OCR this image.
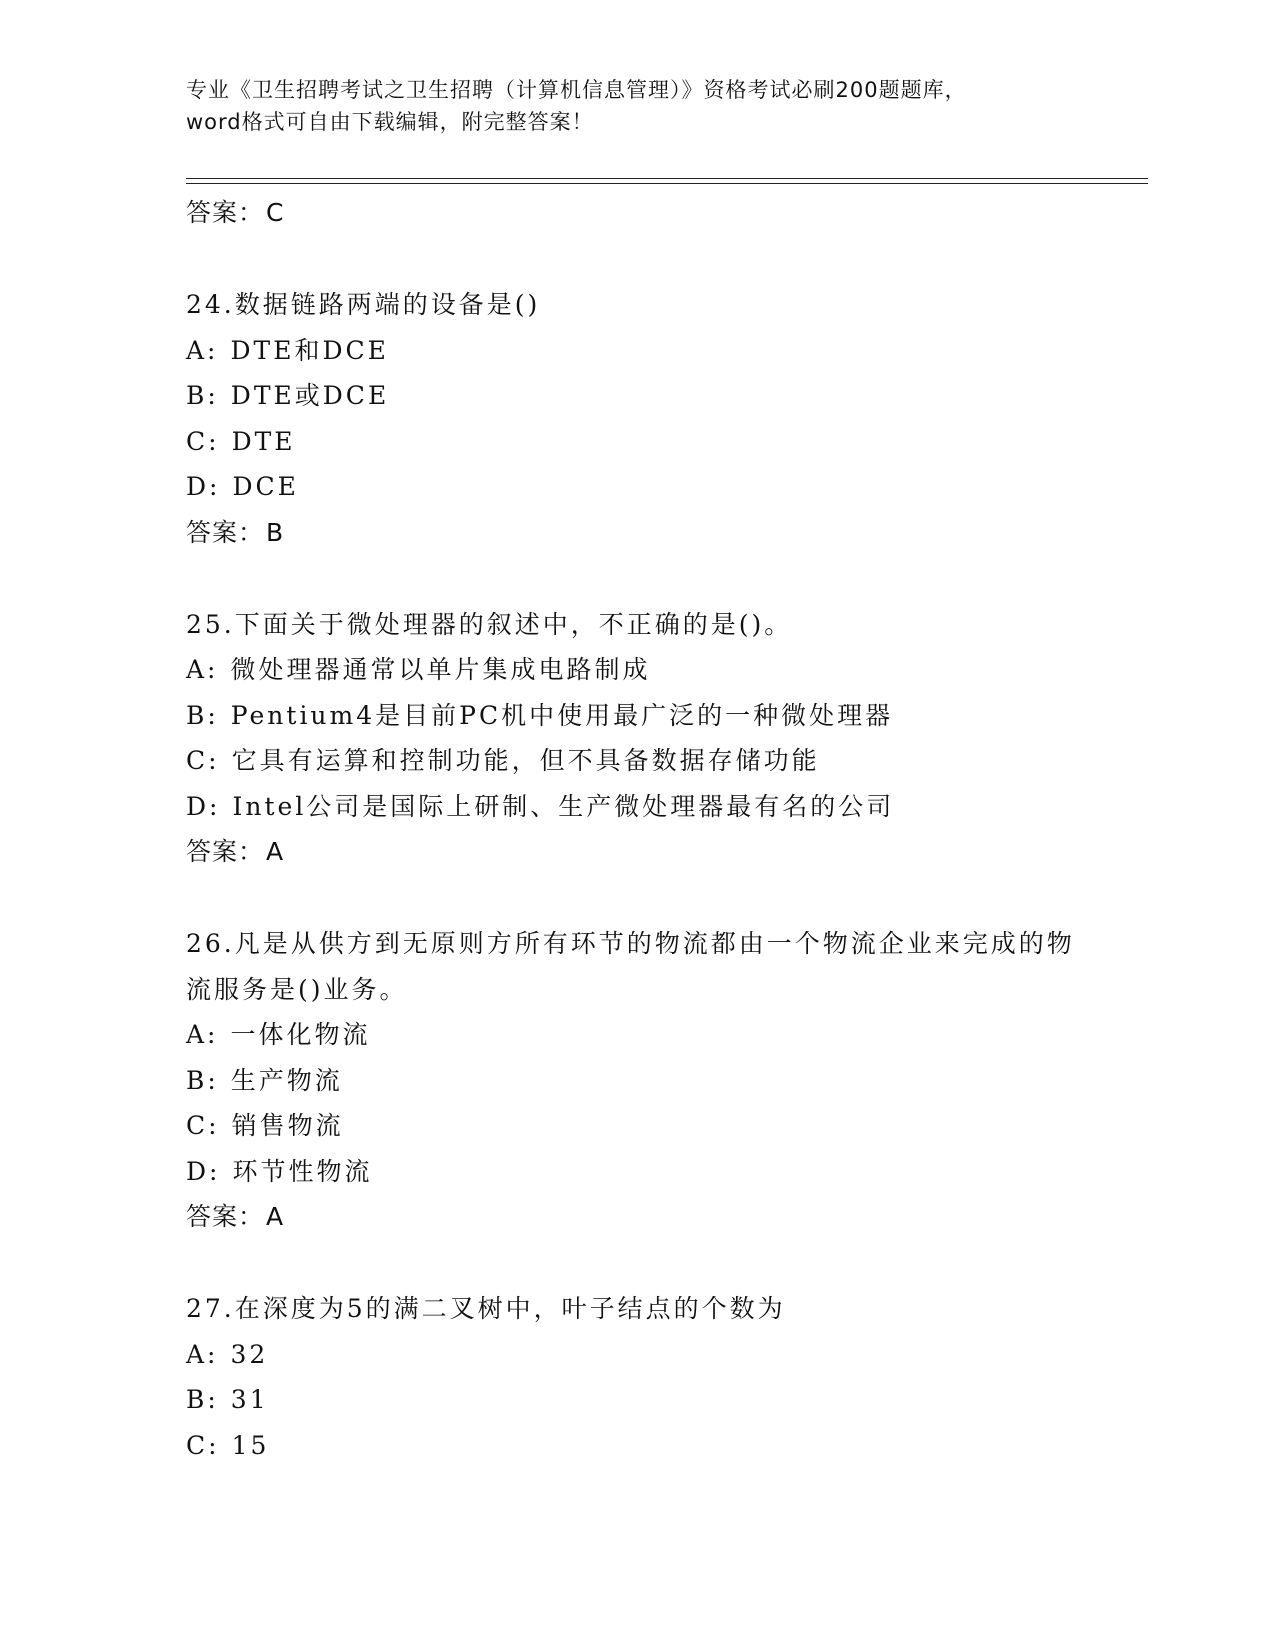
专业《卫生招聘考试之卫生招聘（计算机信息管理）》资格考试必刷200题题库，
word格式可自由下载编辑，附完整答案！
答案：C
24.数据链路两端的设备是()
A: DTE和DCE
B: DTE或DCE
C: DTE
D: DCE
答案：B
25.下面关于微处理器的叙述中，不正确的是()。
A: 微处理器通常以单片集成电路制成
B: Pentium4是目前PC机中使用最广泛的一种微处理器
C: 它具有运算和控制功能，但不具备数据存储功能
D: Intel公司是国际上研制、生产微处理器最有名的公司
答案：A
26.凡是从供方到无原则方所有环节的物流都由一个物流企业来完成的物流服务是()业务。
A: 一体化物流
B: 生产物流
C: 销售物流
D: 环节性物流
答案：A
27.在深度为5的满二叉树中，叶子结点的个数为
A: 32
B: 31
C: 15
